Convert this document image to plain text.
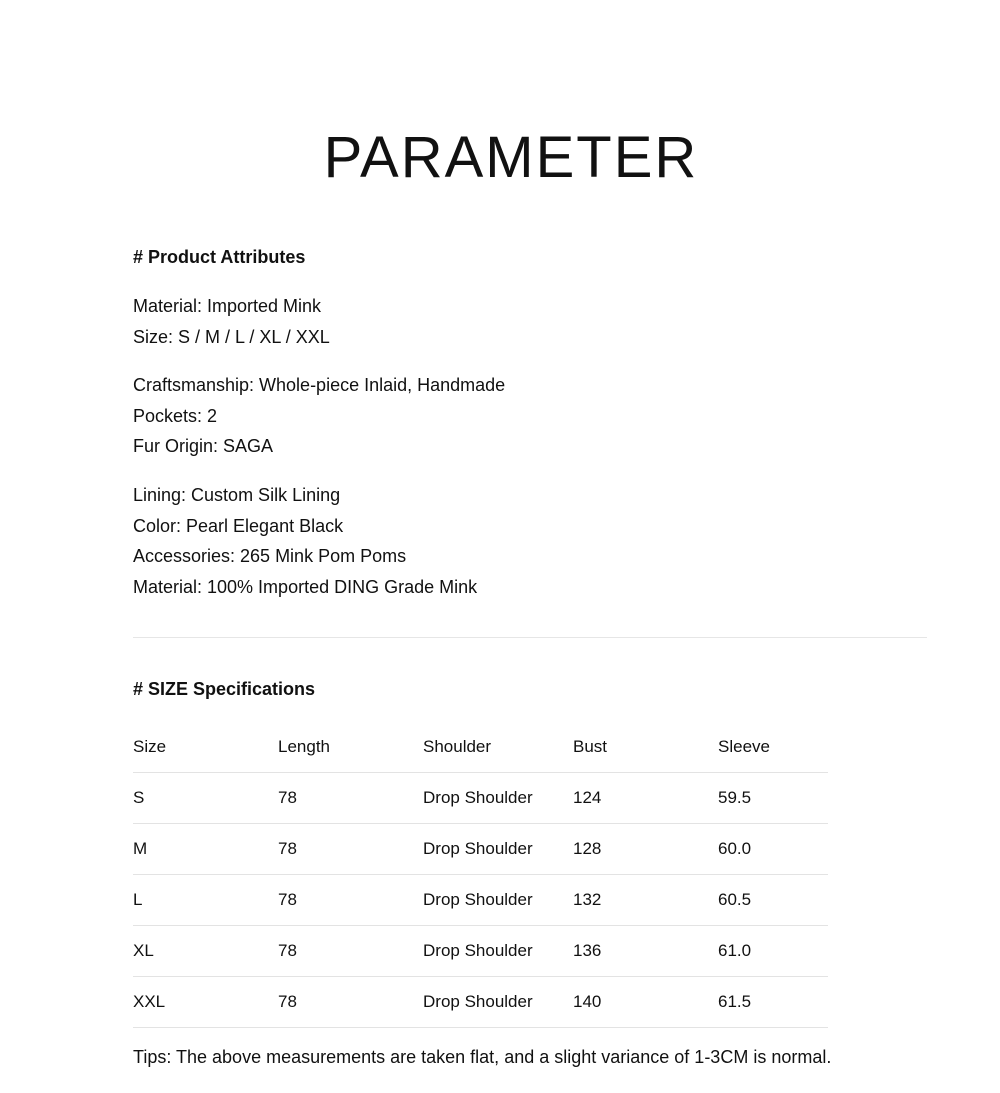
PARAMETER
# Product Attributes
Material: Imported Mink
Size: S / M / L / XL / XXL
Craftsmanship: Whole-piece Inlaid, Handmade
Pockets: 2
Fur Origin: SAGA
Lining: Custom Silk Lining
Color: Pearl Elegant Black
Accessories: 265 Mink Pom Poms
Material: 100% Imported DING Grade Mink
# SIZE Specifications
Size	Length	Shoulder	Bust	Sleeve
S	78	Drop Shoulder	124	59.5
M	78	Drop Shoulder	128	60.0
L	78	Drop Shoulder	132	60.5
XL	78	Drop Shoulder	136	61.0
XXL	78	Drop Shoulder	140	61.5

Tips: The above measurements are taken flat, and a slight variance of 1-3CM is normal.
